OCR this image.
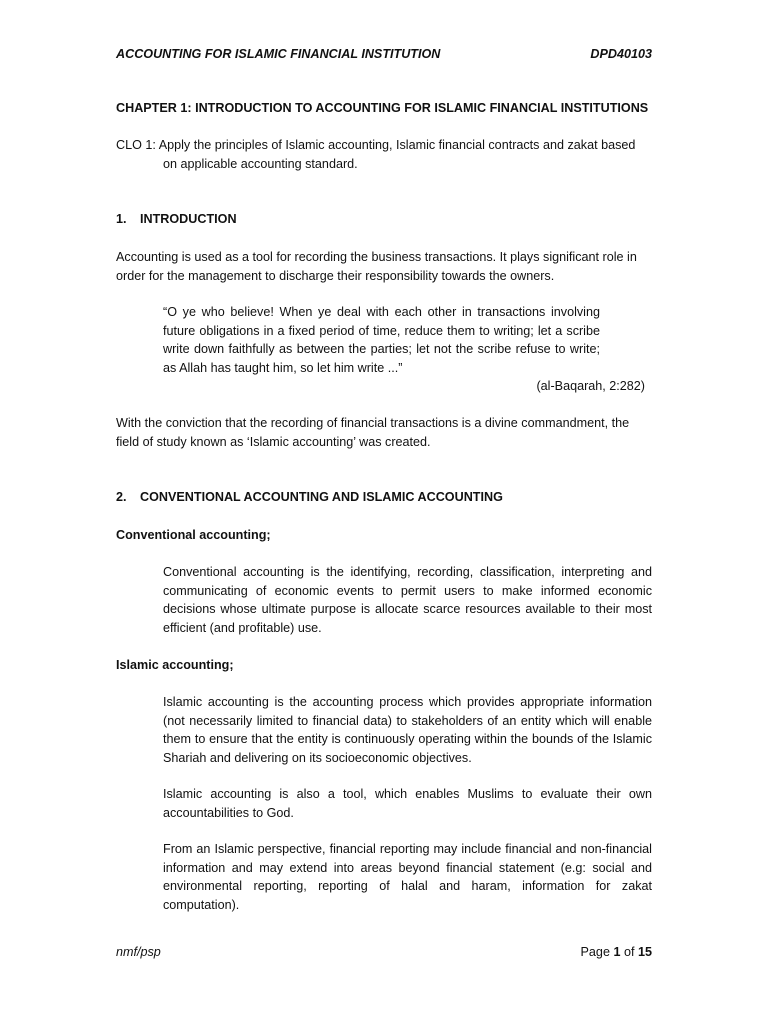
ACCOUNTING FOR ISLAMIC FINANCIAL INSTITUTION	DPD40103
CHAPTER 1: INTRODUCTION TO ACCOUNTING FOR ISLAMIC FINANCIAL INSTITUTIONS
CLO 1: Apply the principles of Islamic accounting, Islamic financial contracts and zakat based
on applicable accounting standard.
1. INTRODUCTION
Accounting is used as a tool for recording the business transactions. It plays significant role in order for the management to discharge their responsibility towards the owners.
“O ye who believe! When ye deal with each other in transactions involving future obligations in a fixed period of time, reduce them to writing; let a scribe write down faithfully as between the parties; let not the scribe refuse to write; as Allah has taught him, so let him write ...”
(al-Baqarah, 2:282)
With the conviction that the recording of financial transactions is a divine commandment, the field of study known as ‘Islamic accounting’ was created.
2. CONVENTIONAL ACCOUNTING AND ISLAMIC ACCOUNTING
Conventional accounting;
Conventional accounting is the identifying, recording, classification, interpreting and communicating of economic events to permit users to make informed economic decisions whose ultimate purpose is allocate scarce resources available to their most efficient (and profitable) use.
Islamic accounting;
Islamic accounting is the accounting process which provides appropriate information (not necessarily limited to financial data) to stakeholders of an entity which will enable them to ensure that the entity is continuously operating within the bounds of the Islamic Shariah and delivering on its socioeconomic objectives.
Islamic accounting is also a tool, which enables Muslims to evaluate their own accountabilities to God.
From an Islamic perspective, financial reporting may include financial and non-financial information and may extend into areas beyond financial statement (e.g: social and environmental reporting, reporting of halal and haram, information for zakat computation).
nmf/psp	Page 1 of 15
